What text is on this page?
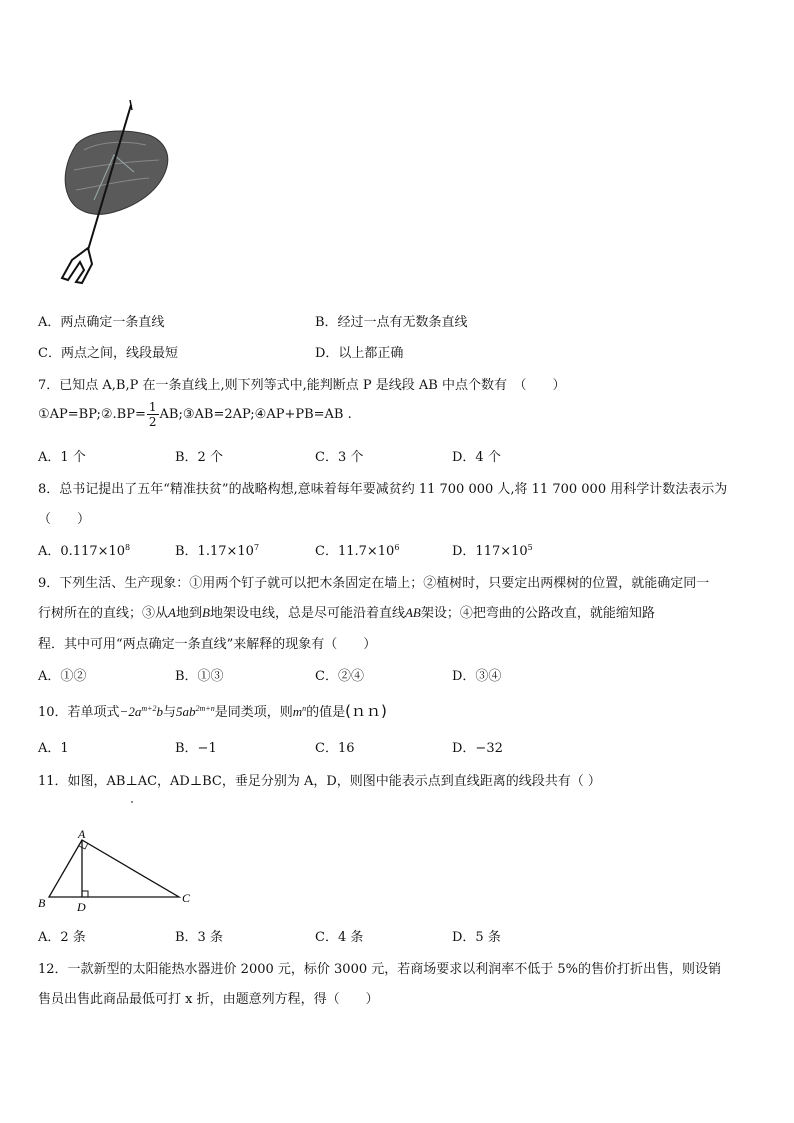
A．两点确定一条直线	B．经过一点有无数条直线
C．两点之间，线段最短	D．以上都正确
7．已知点 A,B,P 在一条直线上,则下列等式中,能判断点 P 是线段 AB 中点个数有　（　　）
①AP=BP;②.BP= $\frac{1}{2}$ AB;③AB=2AP;④AP+PB=AB .
A．1 个	B．2 个	C．3 个	D．4 个
8．总书记提出了五年“精准扶贫”的战略构想,意味着每年要减贫约 11 700 000 人,将 11 700 000 用科学计数法表示为
（　　）
A．$0.117\times 10^8$	B．$1.17\times 10^7$	C．$11.7\times 10^6$	D．$117\times 10^5$
9．下列生活、生产现象：①用两个钉子就可以把木条固定在墙上；②植树时，只要定出两棵树的位置，就能确定同一
行树所在的直线；③从A地到B地架设电线，总是尽可能沿着直线AB架设；④把弯曲的公路改直，就能缩知路
程．其中可用“两点确定一条直线”来解释的现象有（　　）
A．①②	B．①③	C．②④	D．③④
10．若单项式$-2a^{m+2}b$与$5ab^{2m+n}$是同类项，则$m^n$的值是(ｎｎ)
A．1	B．−1	C．16	D．−32
11．如图，AB⊥AC，AD⊥BC，垂足分别为 A，D，则图中能表示点到直线距离的线段共有（ ）
A
B	C
D
A．2 条	B．3 条	C．4 条	D．5 条
12．一款新型的太阳能热水器进价 2000 元，标价 3000 元，若商场要求以利润率不低于 5%的售价打折出售，则设销
售员出售此商品最低可打 x 折，由题意列方程，得（　　）
